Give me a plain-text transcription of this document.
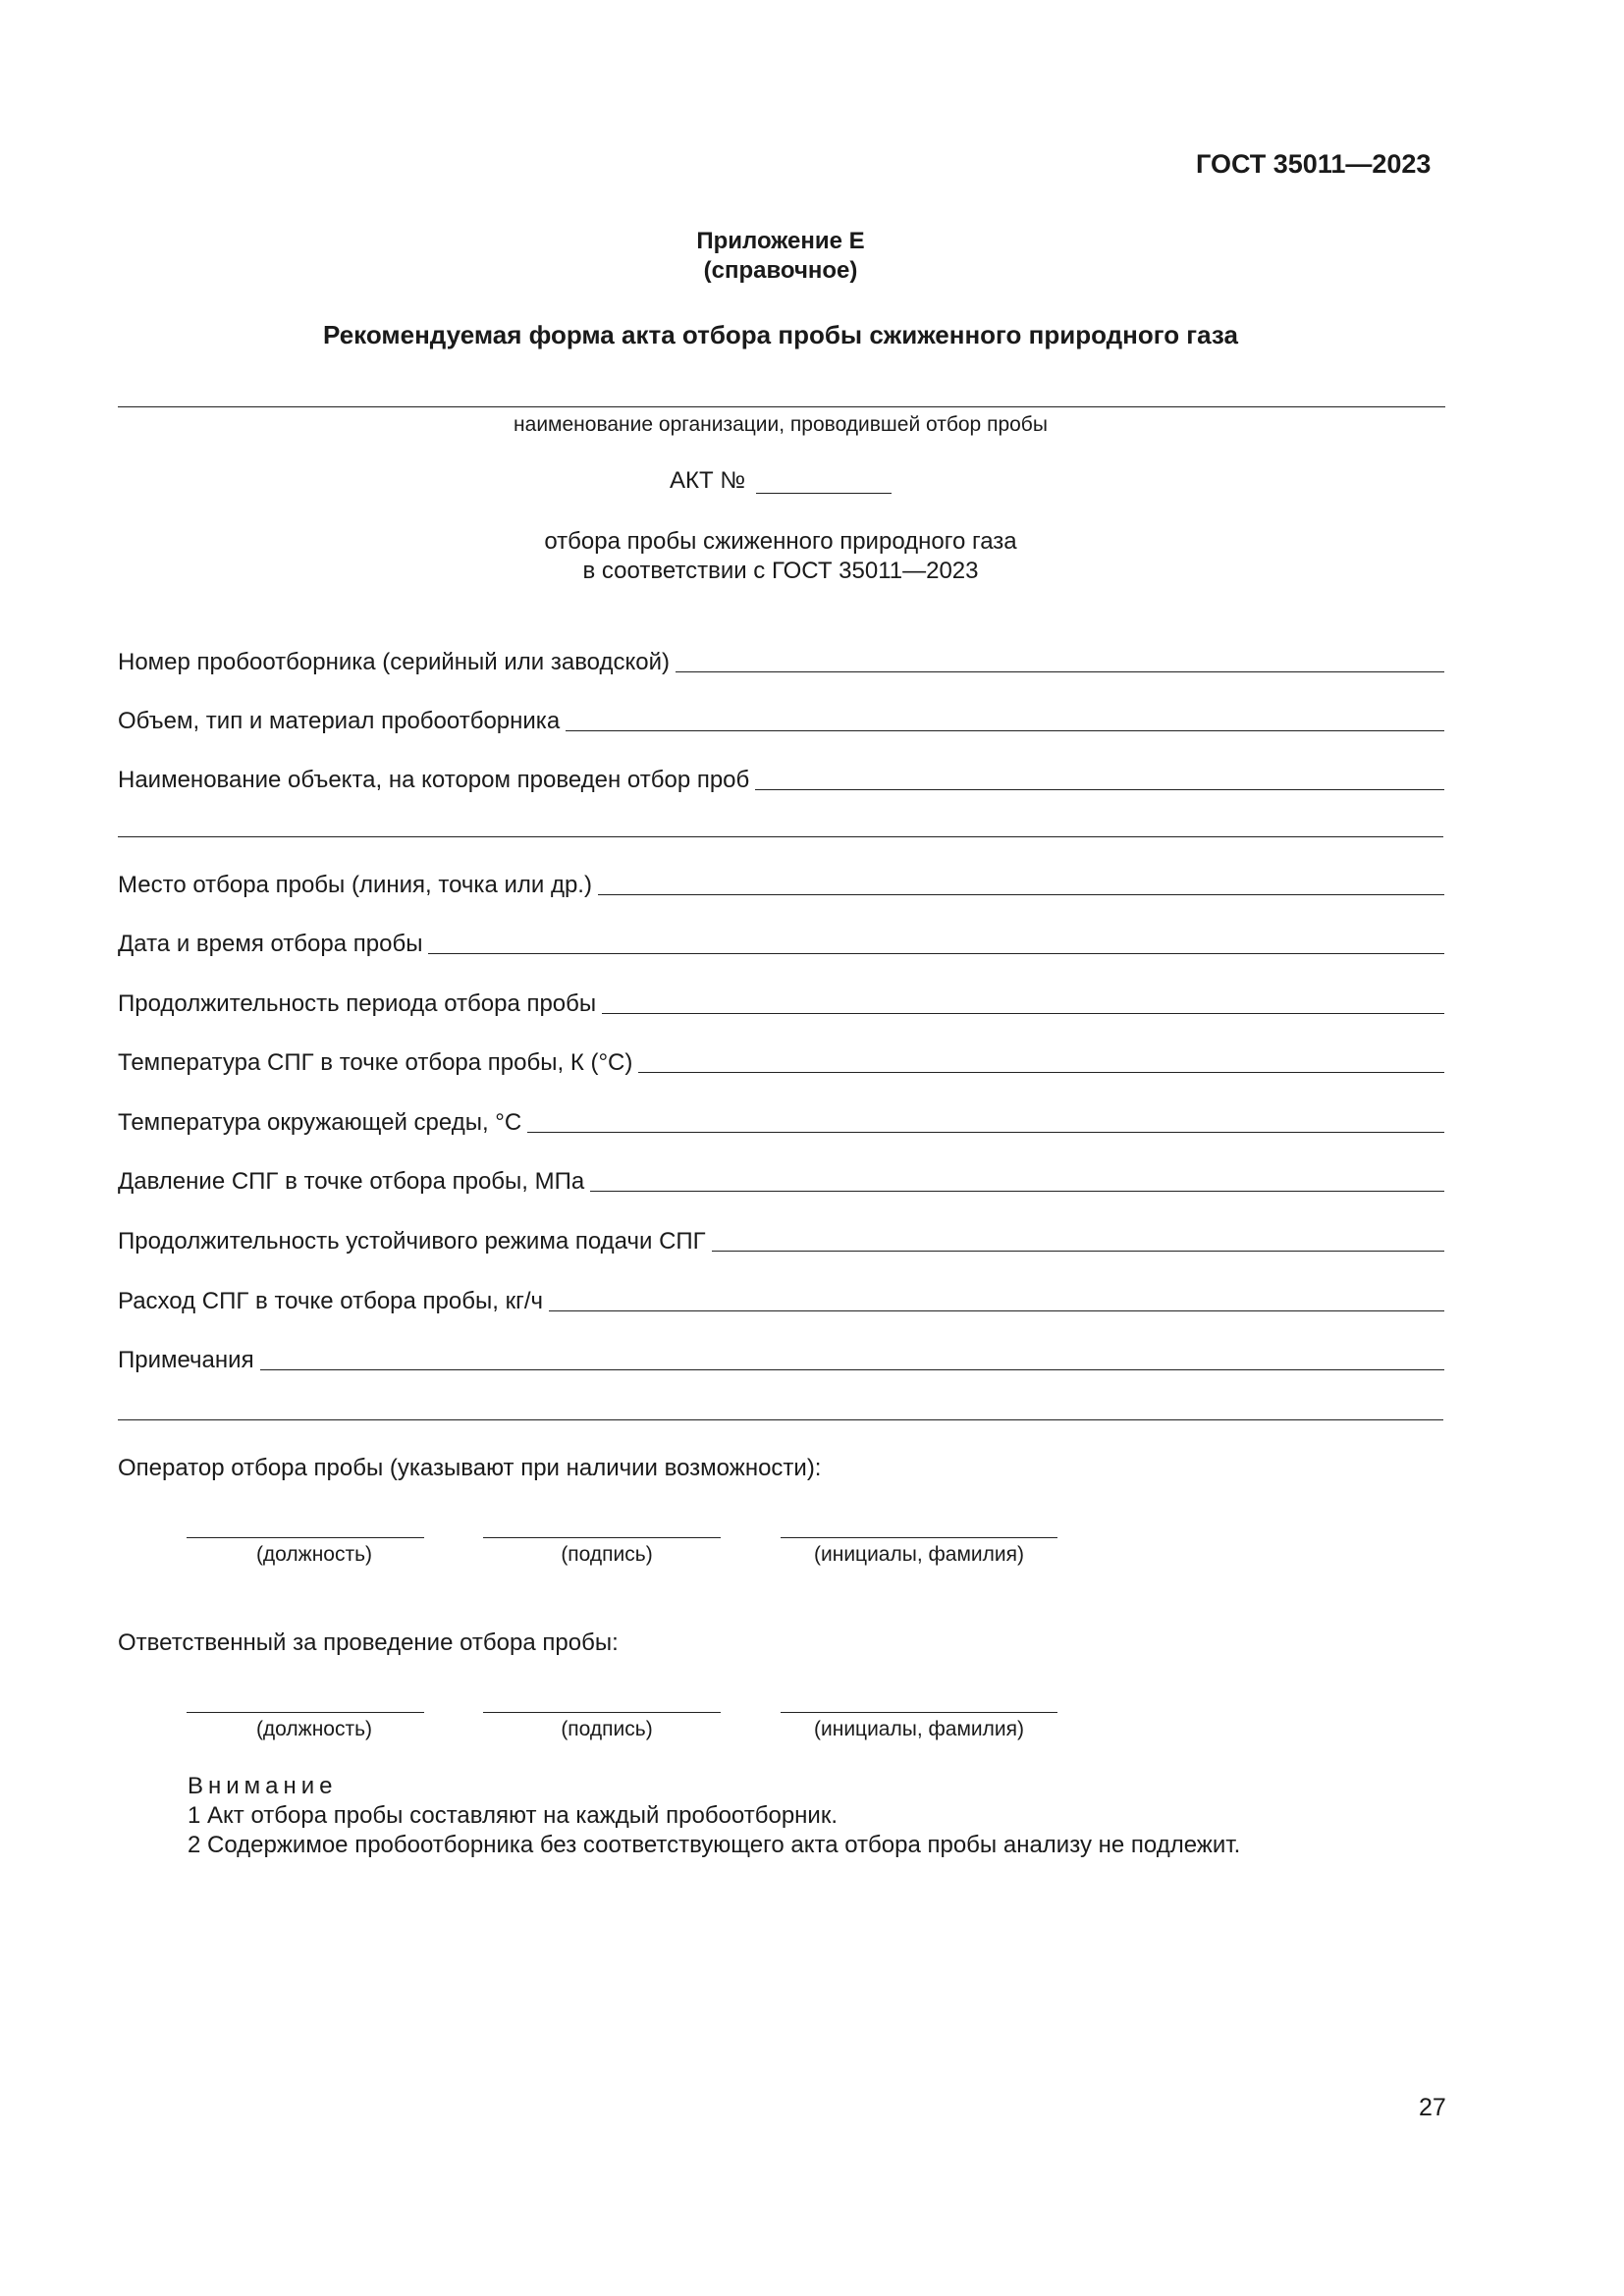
ГОСТ 35011—2023
Приложение Е
(справочное)
Рекомендуемая форма акта отбора пробы сжиженного природного газа
наименование организации, проводившей отбор пробы
АКТ №
отбора пробы сжиженного природного газа
в соответствии с ГОСТ 35011—2023
Номер пробоотборника (серийный или заводской)
Объем, тип и материал пробоотборника
Наименование объекта, на котором проведен отбор проб
Место отбора пробы (линия, точка или др.)
Дата и время отбора пробы
Продолжительность периода отбора пробы
Температура СПГ в точке отбора пробы, К (°C)
Температура окружающей среды, °C
Давление СПГ в точке отбора пробы, МПа
Продолжительность устойчивого режима подачи СПГ
Расход СПГ в точке отбора пробы, кг/ч
Примечания
Оператор отбора пробы (указывают при наличии возможности):
(должность)	(подпись)	(инициалы, фамилия)
Ответственный за проведение отбора пробы:
(должность)	(подпись)	(инициалы, фамилия)
Внимание
1 Акт отбора пробы составляют на каждый пробоотборник.
2 Содержимое пробоотборника без соответствующего акта отбора пробы анализу не подлежит.
27
